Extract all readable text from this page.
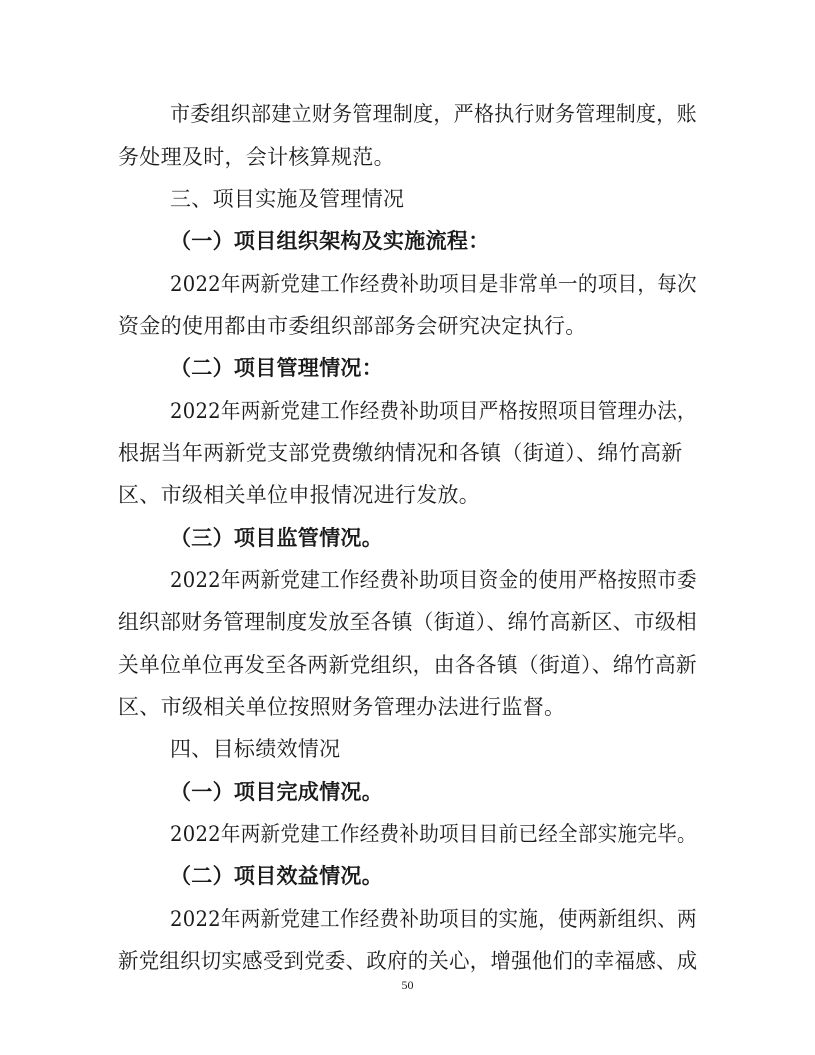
市委组织部建立财务管理制度，严格执行财务管理制度，账
务处理及时，会计核算规范。
三、项目实施及管理情况
（一）项目组织架构及实施流程：
2022年两新党建工作经费补助项目是非常单一的项目，每次
资金的使用都由市委组织部部务会研究决定执行。
（二）项目管理情况：
2022年两新党建工作经费补助项目严格按照项目管理办法，
根据当年两新党支部党费缴纳情况和各镇（街道）、绵竹高新
区、市级相关单位申报情况进行发放。
（三）项目监管情况。
2022年两新党建工作经费补助项目资金的使用严格按照市委
组织部财务管理制度发放至各镇（街道）、绵竹高新区、市级相
关单位单位再发至各两新党组织，由各各镇（街道）、绵竹高新
区、市级相关单位按照财务管理办法进行监督。
四、目标绩效情况
（一）项目完成情况。
2022年两新党建工作经费补助项目目前已经全部实施完毕。
（二）项目效益情况。
2022年两新党建工作经费补助项目的实施，使两新组织、两
新党组织切实感受到党委、政府的关心，增强他们的幸福感、成
50
